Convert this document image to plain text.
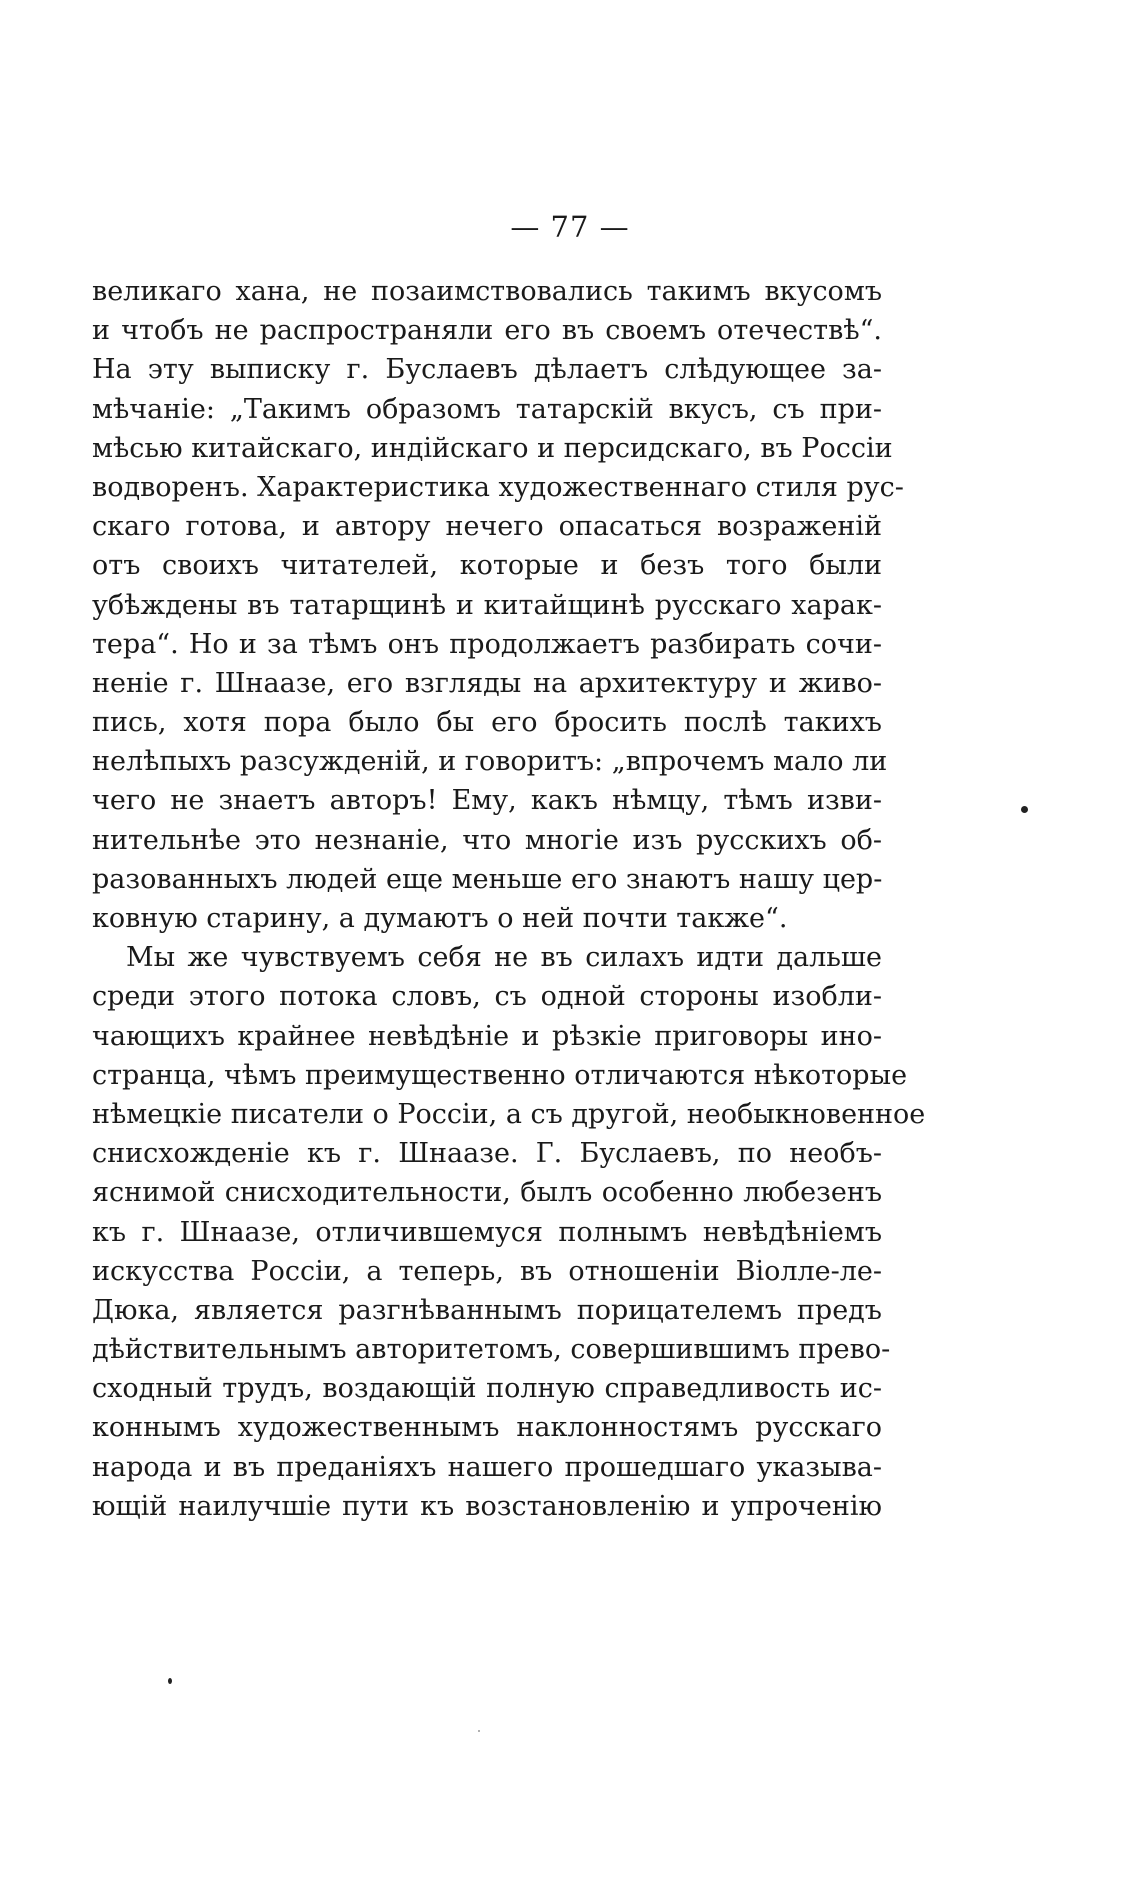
— 77 —
великаго хана, не позаимствовались такимъ вкусомъ
и чтобъ не распространяли его въ своемъ отечествѣ“.
На эту выписку г. Буслаевъ дѣлаетъ слѣдующее за-
мѣчаніе: „Такимъ образомъ татарскій вкусъ, съ при-
мѣсью китайскаго, индійскаго и персидскаго, въ Россіи
водворенъ. Характеристика художественнаго стиля рус-
скаго готова, и автору нечего опасаться возраженій
отъ своихъ читателей, которые и безъ того были
убѣждены въ татарщинѣ и китайщинѣ русскаго харак-
тера“. Но и за тѣмъ онъ продолжаетъ разбирать сочи-
неніе г. Шнаазе, его взгляды на архитектуру и живо-
пись, хотя пора было бы его бросить послѣ такихъ
нелѣпыхъ разсужденій, и говоритъ: „впрочемъ мало ли
чего не знаетъ авторъ! Ему, какъ нѣмцу, тѣмъ изви-
нительнѣе это незнаніе, что многіе изъ русскихъ об-
разованныхъ людей еще меньше его знаютъ нашу цер-
ковную старину, а думаютъ о ней почти также“.
Мы же чувствуемъ себя не въ силахъ идти дальше
среди этого потока словъ, съ одной стороны изобли-
чающихъ крайнее невѣдѣніе и рѣзкіе приговоры ино-
странца, чѣмъ преимущественно отличаются нѣкоторые
нѣмецкіе писатели о Россіи, а съ другой, необыкновенное
снисхожденіе къ г. Шнаазе. Г. Буслаевъ, по необъ-
яснимой снисходительности, былъ особенно любезенъ
къ г. Шнаазе, отличившемуся полнымъ невѣдѣніемъ
искусства Россіи, а теперь, въ отношеніи Віолле-ле-
Дюка, является разгнѣваннымъ порицателемъ предъ
дѣйствительнымъ авторитетомъ, совершившимъ прево-
сходный трудъ, воздающій полную справедливость ис-
коннымъ художественнымъ наклонностямъ русскаго
народа и въ преданіяхъ нашего прошедшаго указыва-
ющій наилучшіе пути къ возстановленію и упроченію
